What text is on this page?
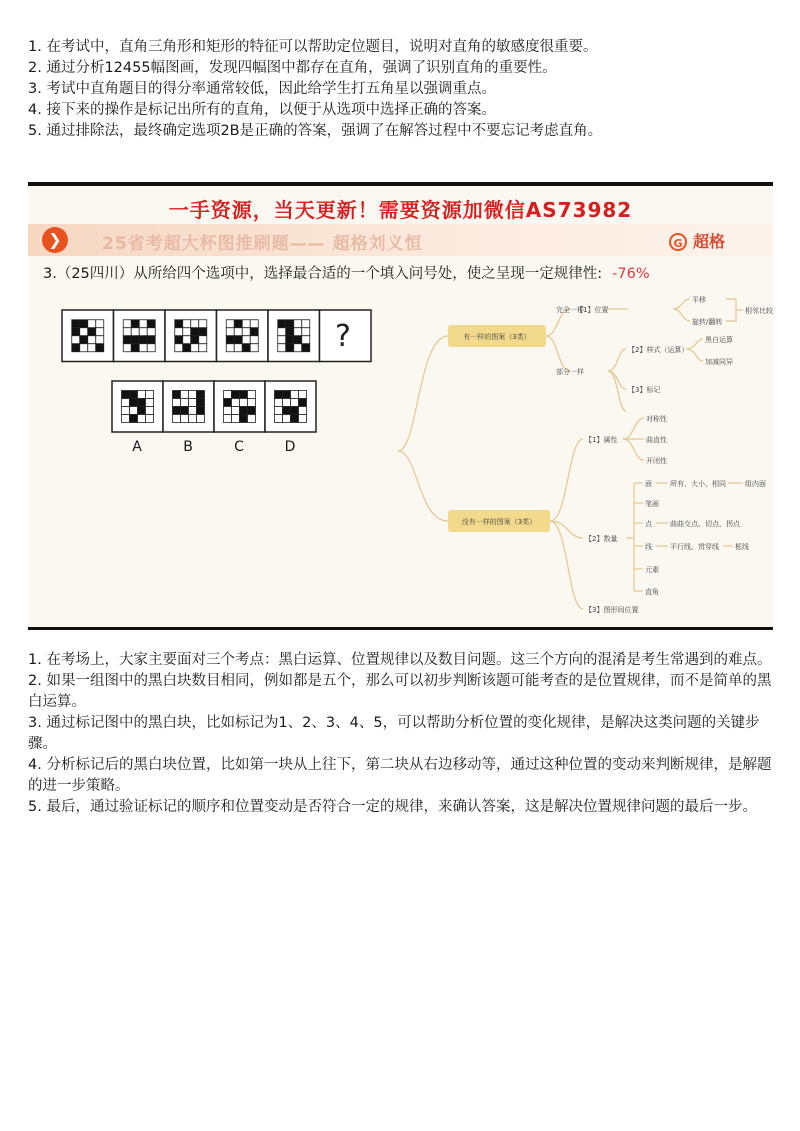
1. 在考试中，直角三角形和矩形的特征可以帮助定位题目，说明对直角的敏感度很重要。
2. 通过分析12455幅图画，发现四幅图中都存在直角，强调了识别直角的重要性。
3. 考试中直角题目的得分率通常较低，因此给学生打五角星以强调重点。
4. 接下来的操作是标记出所有的直角，以便于从选项中选择正确的答案。
5. 通过排除法，最终确定选项2B是正确的答案，强调了在解答过程中不要忘记考虑直角。
一手资源，当天更新！需要资源加微信AS73982
❯	25省考超大杯图推刷题—— 超格刘义恒	G 超格
3.（25四川）从所给四个选项中，选择最合适的一个填入问号处，使之呈现一定规律性: -76%
?
A	B	C	D
有一样的图案（3类）
完全一样
【1】位置
平移
旋转/翻转
相邻比较
部分一样
【2】样式（运算）
黑白运算
加减同异
【3】标记
没有一样的图案（3类）
【1】属性
对称性
曲直性
开闭性
【2】数量
面	所有、大小、相同	组内面
笔画
点	曲曲交点、切点、拐点
线	平行线、贯穿线 框线
元素
直角
【3】图形间位置
1. 在考场上，大家主要面对三个考点：黑白运算、位置规律以及数目问题。这三个方向的混淆是考生常遇到的难点。
2. 如果一组图中的黑白块数目相同，例如都是五个，那么可以初步判断该题可能考查的是位置规律，而不是简单的黑白运算。
3. 通过标记图中的黑白块，比如标记为1、2、3、4、5，可以帮助分析位置的变化规律，是解决这类问题的关键步骤。
4. 分析标记后的黑白块位置，比如第一块从上往下，第二块从右边移动等，通过这种位置的变动来判断规律，是解题的进一步策略。
5. 最后，通过验证标记的顺序和位置变动是否符合一定的规律，来确认答案，这是解决位置规律问题的最后一步。
